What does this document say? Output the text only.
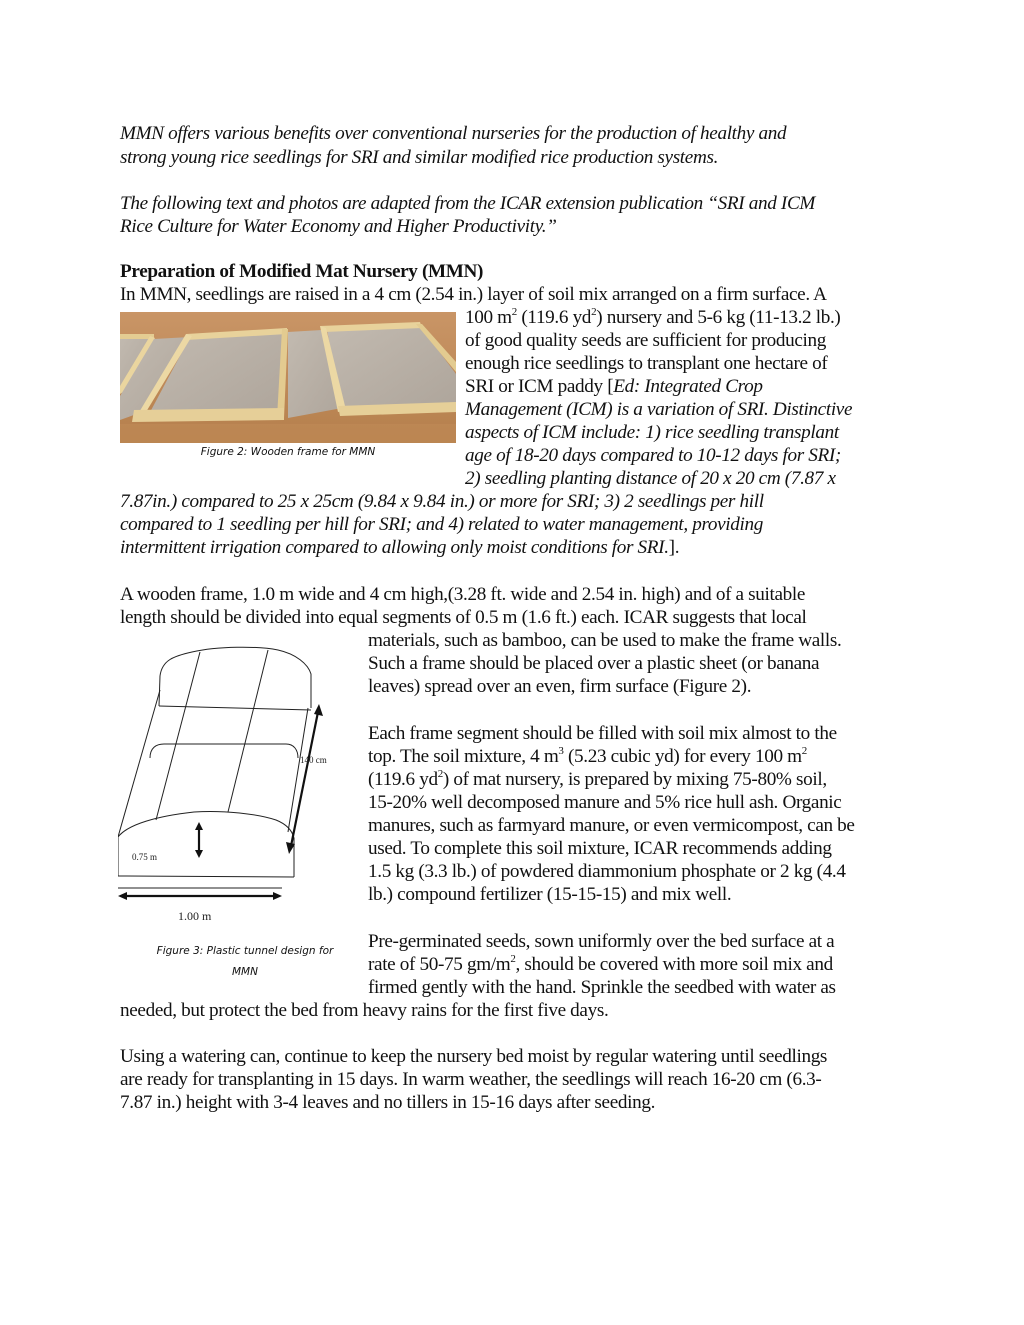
MMN offers various benefits over conventional nurseries for the production of healthy and

strong young rice seedlings for SRI and similar modified rice production systems.

The following text and photos are adapted from the ICAR extension publication “SRI and ICM

Rice Culture for Water Economy and Higher Productivity.”

Preparation of Modified Mat Nursery (MMN)

In MMN, seedlings are raised in a 4 cm (2.54 in.) layer of soil mix arranged on a firm surface. A

Figure 2: Wooden frame for MMN

100 $m^2$ (119.6 $yd^2$) nursery and 5-6 kg (11-13.2 lb.)

of good quality seeds are sufficient for producing

enough rice seedlings to transplant one hectare of

SRI or ICM paddy [Ed: Integrated Crop

Management (ICM) is a variation of SRI. Distinctive

aspects of ICM include: 1) rice seedling transplant

age of 18-20 days compared to 10-12 days for SRI;

2) seedling planting distance of 20 x 20 cm (7.87 x

7.87in.) compared to 25 x 25cm (9.84 x 9.84 in.) or more for SRI; 3) 2 seedlings per hill

compared to 1 seedling per hill for SRI; and 4) related to water management, providing

intermittent irrigation compared to allowing only moist conditions for SRI.].

A wooden frame, 1.0 m wide and 4 cm high,(3.28 ft. wide and 2.54 in. high) and of a suitable

length should be divided into equal segments of 0.5 m (1.6 ft.) each. ICAR suggests that local

materials, such as bamboo, can be used to make the frame walls.

Such a frame should be placed over a plastic sheet (or banana

leaves) spread over an even, firm surface (Figure 2).

140 cm
0.75 m
1.00 m
Figure 3: Plastic tunnel design for
MMN

Each frame segment should be filled with soil mix almost to the

top. The soil mixture, 4 $m^3$ (5.23 cubic yd) for every 100 $m^2$

(119.6 $yd^2$) of mat nursery, is prepared by mixing 75-80% soil,

15-20% well decomposed manure and 5% rice hull ash. Organic

manures, such as farmyard manure, or even vermicompost, can be

used. To complete this soil mixture, ICAR recommends adding

1.5 kg (3.3 lb.) of powdered diammonium phosphate or 2 kg (4.4

lb.) compound fertilizer (15-15-15) and mix well.

Pre-germinated seeds, sown uniformly over the bed surface at a

rate of 50-75 $gm/m^2$, should be covered with more soil mix and

firmed gently with the hand. Sprinkle the seedbed with water as

needed, but protect the bed from heavy rains for the first five days.

Using a watering can, continue to keep the nursery bed moist by regular watering until seedlings

are ready for transplanting in 15 days. In warm weather, the seedlings will reach 16-20 cm (6.3-

7.87 in.) height with 3-4 leaves and no tillers in 15-16 days after seeding.
